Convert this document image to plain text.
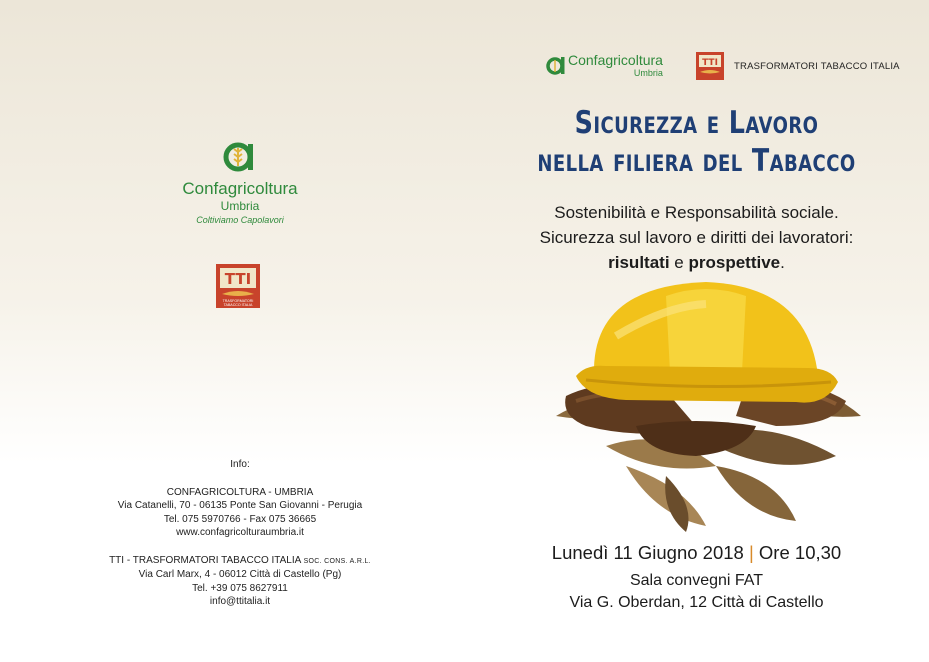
Confagricoltura
Umbria
Coltiviamo Capolavori
TTI
TRASFORMATORI
TABACCO ITALIA
Info:
CONFAGRICOLTURA - UMBRIA
Via Catanelli, 70 - 06135 Ponte San Giovanni - Perugia
Tel. 075 5970766 - Fax 075 36665
www.confagricolturaumbria.it
TTI - TRASFORMATORI TABACCO ITALIA SOC. CONS. A.R.L.
Via Carl Marx, 4 - 06012 Città di Castello (Pg)
Tel. +39 075 8627911
info@ttitalia.it
Confagricoltura
Umbria
TTI TRASFORMATORI TABACCO ITALIA
Sicurezza e Lavoro
nella filiera del Tabacco
Sostenibilità e Responsabilità sociale.
Sicurezza sul lavoro e diritti dei lavoratori:
risultati e prospettive.
Lunedì 11 Giugno 2018 | Ore 10,30
Sala convegni FAT
Via G. Oberdan, 12 Città di Castello
